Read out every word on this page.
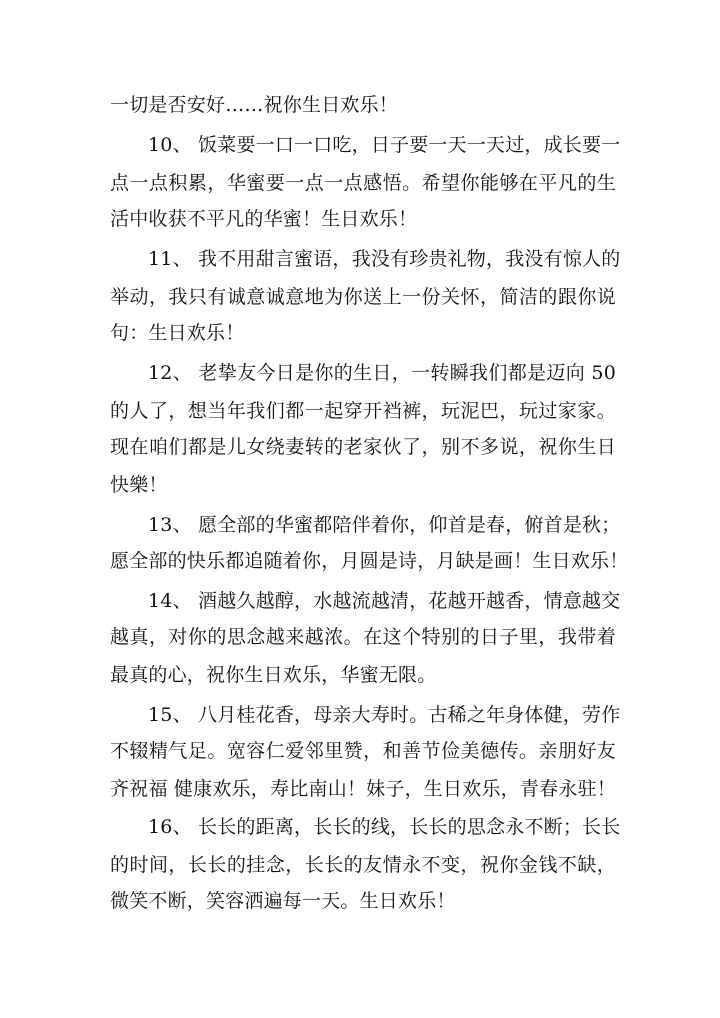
一切是否安好……祝你生日欢乐！
10、 饭菜要一口一口吃，日子要一天一天过，成长要一
点一点积累，华蜜要一点一点感悟。希望你能够在平凡的生
活中收获不平凡的华蜜！生日欢乐！
11、 我不用甜言蜜语，我没有珍贵礼物，我没有惊人的
举动，我只有诚意诚意地为你送上一份关怀，简洁的跟你说
句：生日欢乐！
12、 老挚友今日是你的生日，一转瞬我们都是迈向 50
的人了，想当年我们都一起穿开裆裤，玩泥巴，玩过家家。
现在咱们都是儿女绕妻转的老家伙了，别不多说，祝你生日
快樂！
13、 愿全部的华蜜都陪伴着你，仰首是春，俯首是秋；
愿全部的快乐都追随着你，月圆是诗，月缺是画！生日欢乐！
14、 酒越久越醇，水越流越清，花越开越香，情意越交
越真，对你的思念越来越浓。在这个特别的日子里，我带着
最真的心，祝你生日欢乐，华蜜无限。
15、 八月桂花香，母亲大寿时。古稀之年身体健，劳作
不辍精气足。宽容仁爱邻里赞，和善节俭美德传。亲朋好友
齐祝福 健康欢乐，寿比南山！妹子，生日欢乐，青春永驻！
16、 长长的距离，长长的线，长长的思念永不断；长长
的时间，长长的挂念，长长的友情永不变，祝你金钱不缺，
微笑不断，笑容洒遍每一天。生日欢乐！
